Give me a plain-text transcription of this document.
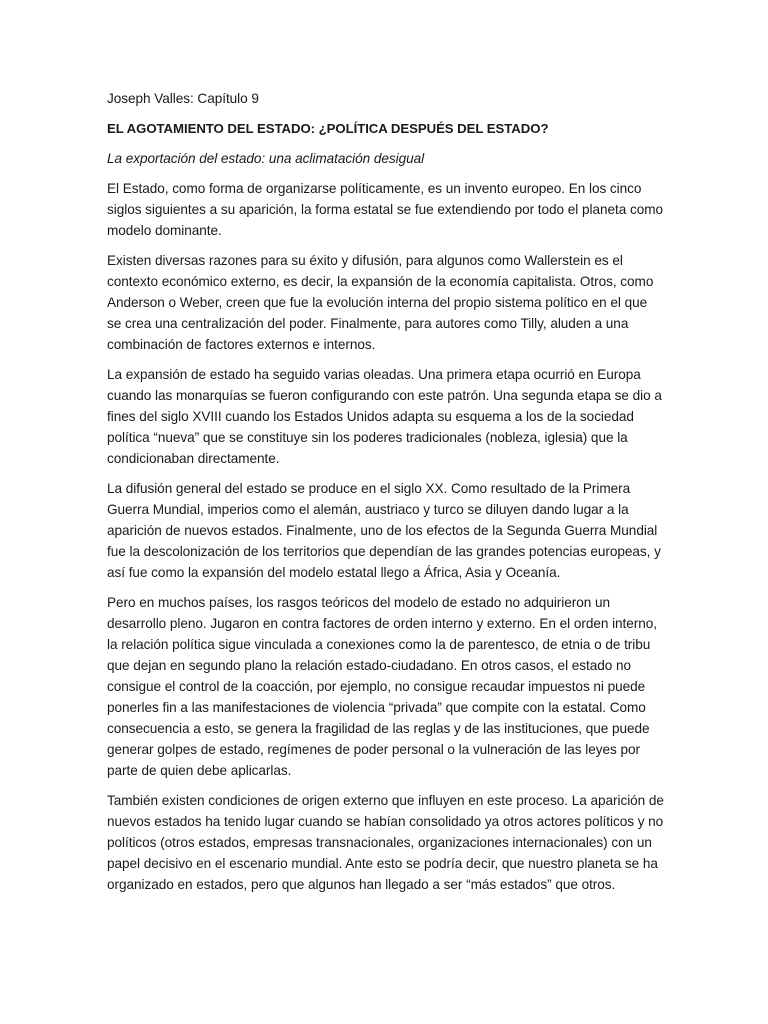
Joseph Valles: Capítulo 9

EL AGOTAMIENTO DEL ESTADO: ¿POLÍTICA DESPUÉS DEL ESTADO?

La exportación del estado: una aclimatación desigual

El Estado, como forma de organizarse políticamente, es un invento europeo. En los cinco siglos siguientes a su aparición, la forma estatal se fue extendiendo por todo el planeta como modelo dominante.

Existen diversas razones para su éxito y difusión, para algunos como Wallerstein es el contexto económico externo, es decir, la expansión de la economía capitalista. Otros, como Anderson o Weber, creen que fue la evolución interna del propio sistema político en el que se crea una centralización del poder. Finalmente, para autores como Tilly, aluden a una combinación de factores externos e internos.

La expansión de estado ha seguido varias oleadas. Una primera etapa ocurrió en Europa cuando las monarquías se fueron configurando con este patrón. Una segunda etapa se dio a fines del siglo XVIII cuando los Estados Unidos adapta su esquema a los de la sociedad política “nueva” que se constituye sin los poderes tradicionales (nobleza, iglesia) que la condicionaban directamente.

La difusión general del estado se produce en el siglo XX. Como resultado de la Primera Guerra Mundial, imperios como el alemán, austriaco y turco se diluyen dando lugar a la aparición de nuevos estados. Finalmente, uno de los efectos de la Segunda Guerra Mundial fue la descolonización de los territorios que dependían de las grandes potencias europeas, y así fue como la expansión del modelo estatal llego a África, Asia y Oceanía.

Pero en muchos países, los rasgos teóricos del modelo de estado no adquirieron un desarrollo pleno. Jugaron en contra factores de orden interno y externo. En el orden interno, la relación política sigue vinculada a conexiones como la de parentesco, de etnia o de tribu que dejan en segundo plano la relación estado-ciudadano. En otros casos, el estado no consigue el control de la coacción, por ejemplo, no consigue recaudar impuestos ni puede ponerles fin a las manifestaciones de violencia “privada” que compite con la estatal. Como consecuencia a esto, se genera la fragilidad de las reglas y de las instituciones, que puede generar golpes de estado, regímenes de poder personal o la vulneración de las leyes por parte de quien debe aplicarlas.

También existen condiciones de origen externo que influyen en este proceso. La aparición de nuevos estados ha tenido lugar cuando se habían consolidado ya otros actores políticos y no políticos (otros estados, empresas transnacionales, organizaciones internacionales) con un papel decisivo en el escenario mundial. Ante esto se podría decir, que nuestro planeta se ha organizado en estados, pero que algunos han llegado a ser “más estados” que otros.
